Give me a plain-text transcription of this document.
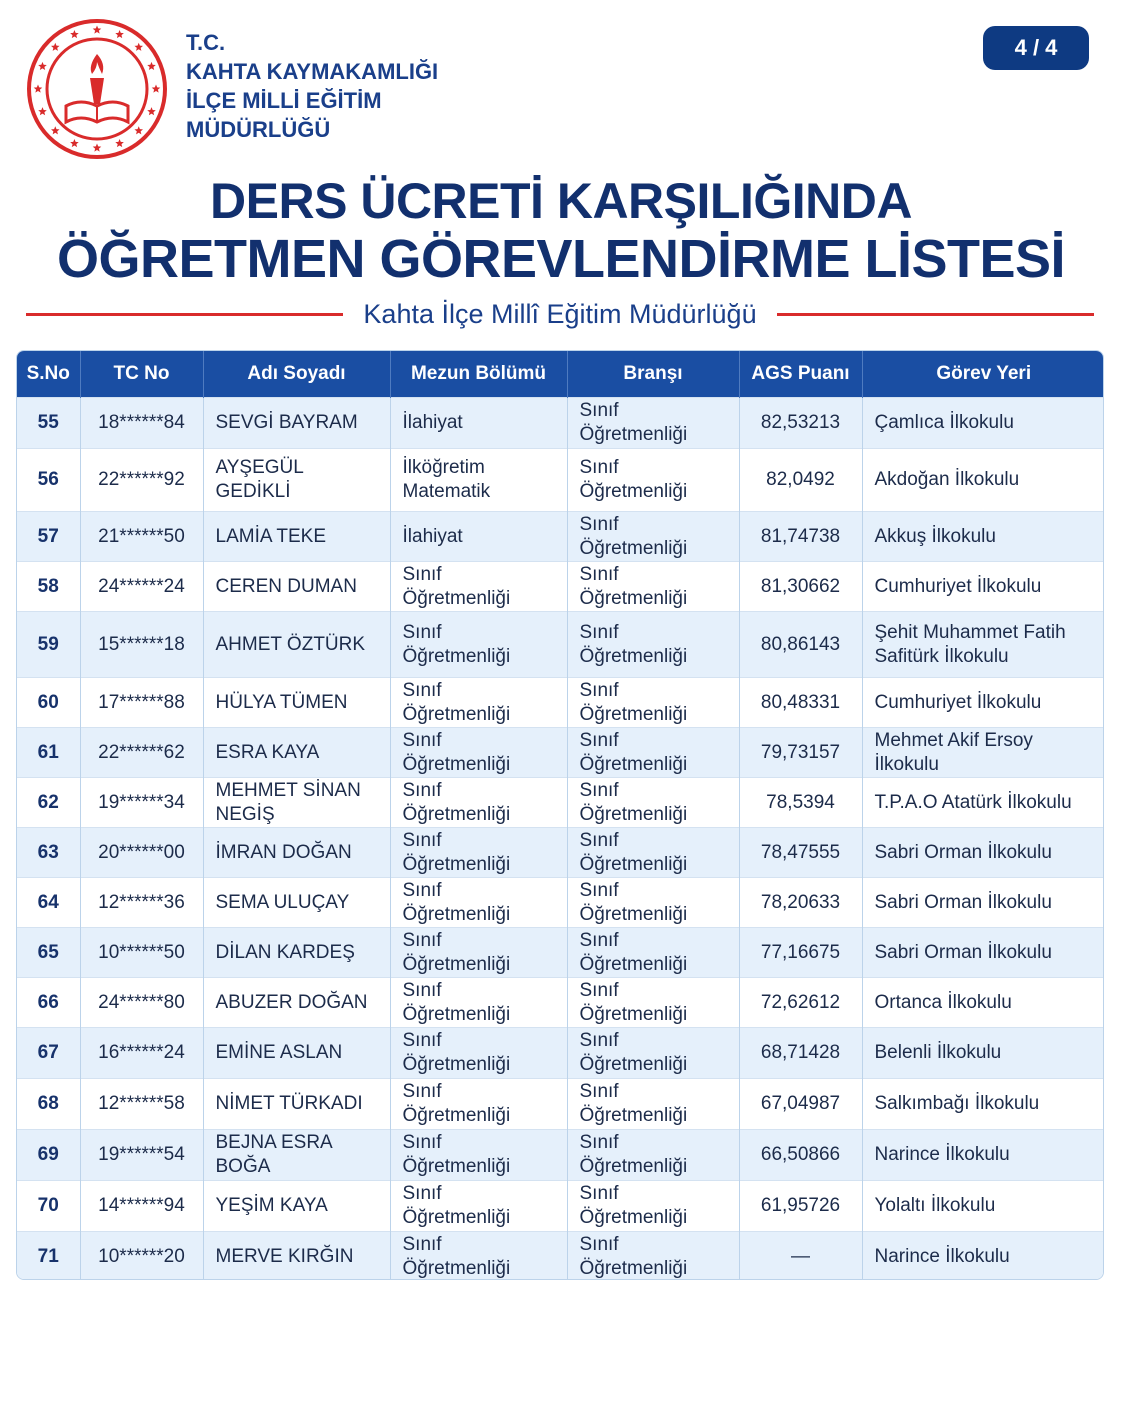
T.C.
KAHTA KAYMAKAMLIĞI
İLÇE MİLLİ EĞİTİM
MÜDÜRLÜĞÜ
4 / 4
DERS ÜCRETİ KARŞILIĞINDA
ÖĞRETMEN GÖREVLENDİRME LİSTESİ
Kahta İlçe Millî Eğitim Müdürlüğü
S.No	TC No	Adı Soyadı	Mezun Bölümü	Branşı	AGS Puanı	Görev Yeri
55	18******84	SEVGİ BAYRAM	İlahiyat	Sınıf Öğretmenliği	82,53213	Çamlıca İlkokulu
56	22******92	AYŞEGÜL GEDİKLİ	İlköğretim Matematik	Sınıf Öğretmenliği	82,0492	Akdoğan İlkokulu
57	21******50	LAMİA TEKE	İlahiyat	Sınıf Öğretmenliği	81,74738	Akkuş İlkokulu
58	24******24	CEREN DUMAN	Sınıf Öğretmenliği	Sınıf Öğretmenliği	81,30662	Cumhuriyet İlkokulu
59	15******18	AHMET ÖZTÜRK	Sınıf Öğretmenliği	Sınıf Öğretmenliği	80,86143	Şehit Muhammet Fatih Safitürk İlkokulu
60	17******88	HÜLYA TÜMEN	Sınıf Öğretmenliği	Sınıf Öğretmenliği	80,48331	Cumhuriyet İlkokulu
61	22******62	ESRA KAYA	Sınıf Öğretmenliği	Sınıf Öğretmenliği	79,73157	Mehmet Akif Ersoy İlkokulu
62	19******34	MEHMET SİNAN NEGİŞ	Sınıf Öğretmenliği	Sınıf Öğretmenliği	78,5394	T.P.A.O Atatürk İlkokulu
63	20******00	İMRAN DOĞAN	Sınıf Öğretmenliği	Sınıf Öğretmenliği	78,47555	Sabri Orman İlkokulu
64	12******36	SEMA ULUÇAY	Sınıf Öğretmenliği	Sınıf Öğretmenliği	78,20633	Sabri Orman İlkokulu
65	10******50	DİLAN KARDEŞ	Sınıf Öğretmenliği	Sınıf Öğretmenliği	77,16675	Sabri Orman İlkokulu
66	24******80	ABUZER DOĞAN	Sınıf Öğretmenliği	Sınıf Öğretmenliği	72,62612	Ortanca İlkokulu
67	16******24	EMİNE ASLAN	Sınıf Öğretmenliği	Sınıf Öğretmenliği	68,71428	Belenli İlkokulu
68	12******58	NİMET TÜRKADI	Sınıf Öğretmenliği	Sınıf Öğretmenliği	67,04987	Salkımbağı İlkokulu
69	19******54	BEJNA ESRA BOĞA	Sınıf Öğretmenliği	Sınıf Öğretmenliği	66,50866	Narince İlkokulu
70	14******94	YEŞİM KAYA	Sınıf Öğretmenliği	Sınıf Öğretmenliği	61,95726	Yolaltı İlkokulu
71	10******20	MERVE KIRĞIN	Sınıf Öğretmenliği	Sınıf Öğretmenliği	—	Narince İlkokulu
